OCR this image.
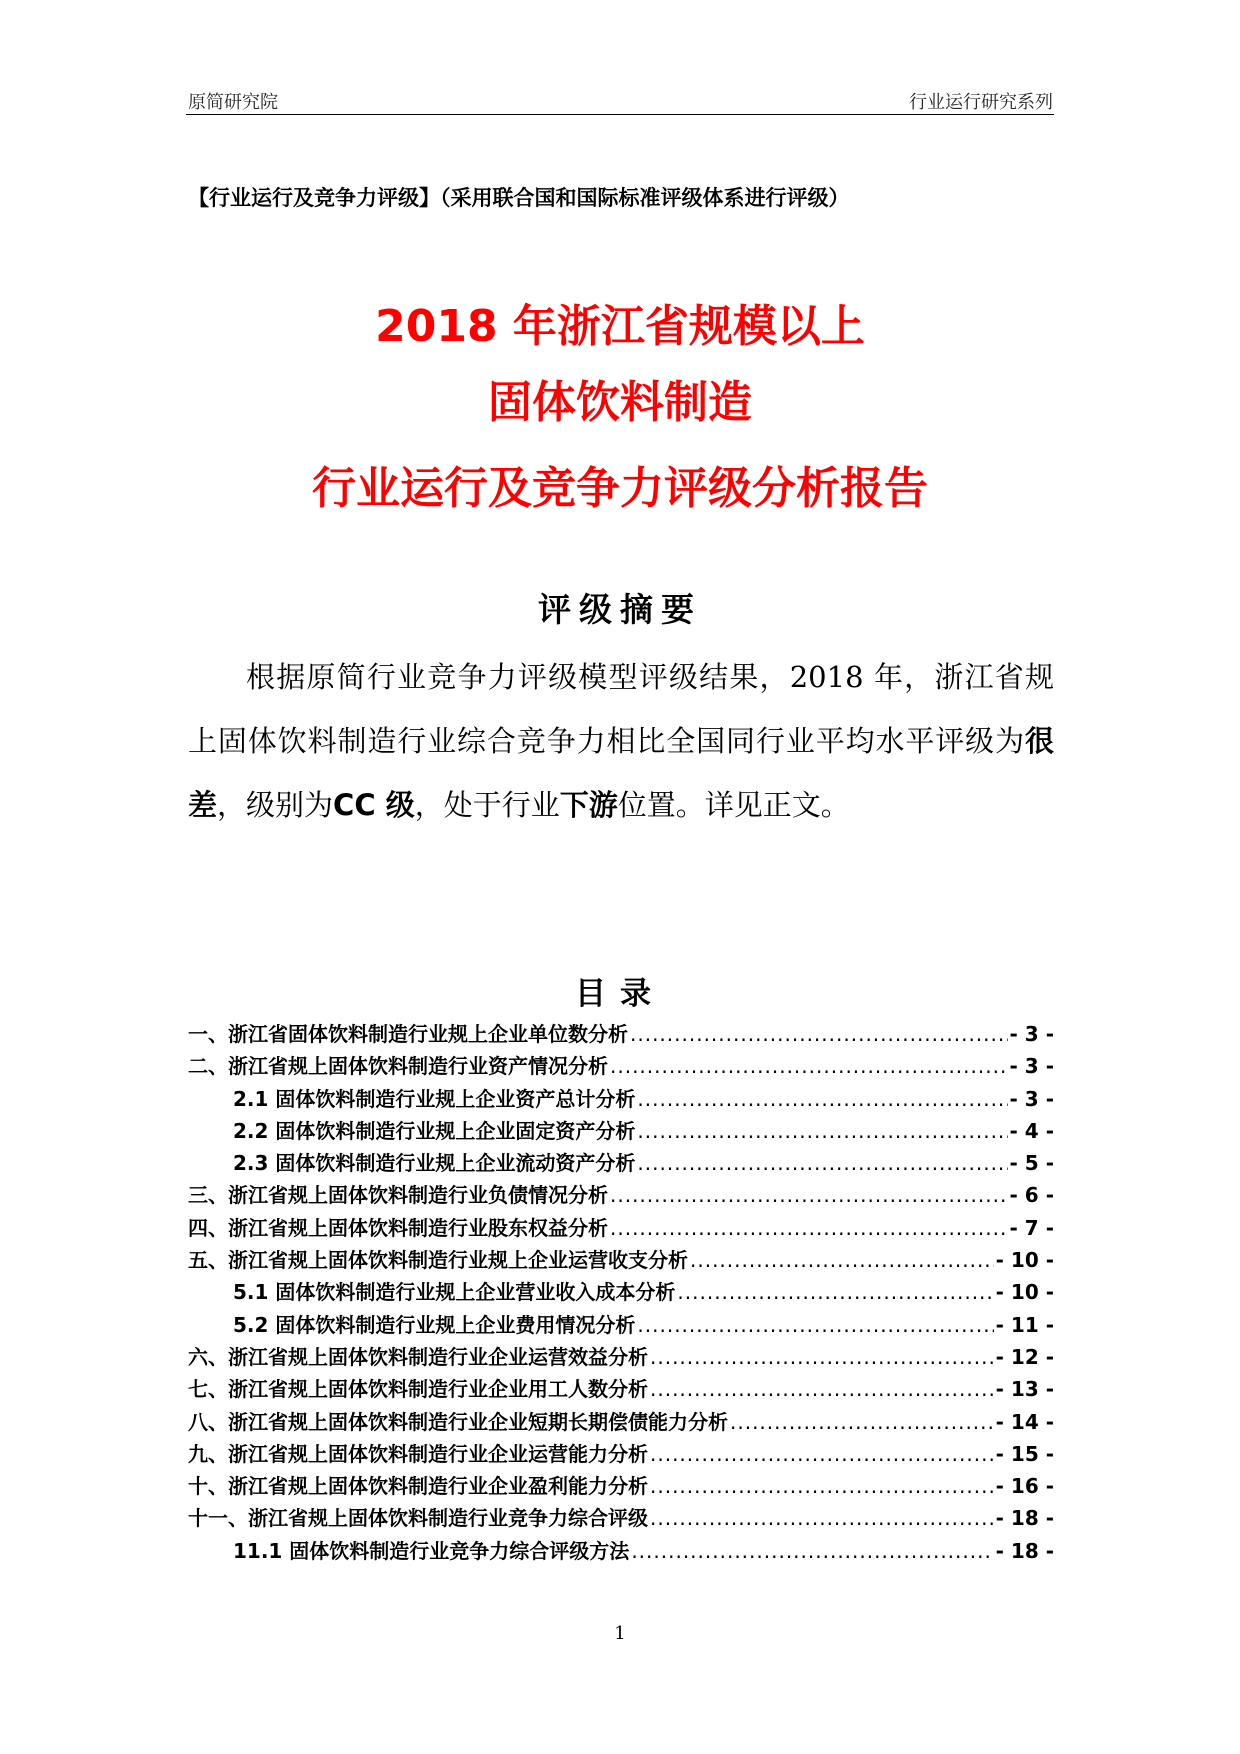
原简研究院	行业运行研究系列
【行业运行及竞争力评级】（采用联合国和国际标准评级体系进行评级）
2018 年浙江省规模以上
固体饮料制造
行业运行及竞争力评级分析报告
评级摘要

根据原简行业竞争力评级模型评级结果，2018 年，浙江省规上固体饮料制造行业综合竞争力相比全国同行业平均水平评级为很差，级别为CC 级，处于行业下游位置。详见正文。

目录
一、浙江省固体饮料制造行业规上企业单位数分析 .....	- 3 -
二、浙江省规上固体饮料制造行业资产情况分析 .....	- 3 -
2.1 固体饮料制造行业规上企业资产总计分析 .....	- 3 -
2.2 固体饮料制造行业规上企业固定资产分析 .....	- 4 -
2.3 固体饮料制造行业规上企业流动资产分析 .....	- 5 -
三、浙江省规上固体饮料制造行业负债情况分析 .....	- 6 -
四、浙江省规上固体饮料制造行业股东权益分析 .....	- 7 -
五、浙江省规上固体饮料制造行业规上企业运营收支分析 .....	- 10 -
5.1 固体饮料制造行业规上企业营业收入成本分析 .....	- 10 -
5.2 固体饮料制造行业规上企业费用情况分析 .....	- 11 -
六、浙江省规上固体饮料制造行业企业运营效益分析 .....	- 12 -
七、浙江省规上固体饮料制造行业企业用工人数分析 .....	- 13 -
八、浙江省规上固体饮料制造行业企业短期长期偿债能力分析 .....	- 14 -
九、浙江省规上固体饮料制造行业企业运营能力分析 .....	- 15 -
十、浙江省规上固体饮料制造行业企业盈利能力分析 .....	- 16 -
十一、浙江省规上固体饮料制造行业竞争力综合评级 .....	- 18 -
11.1 固体饮料制造行业竞争力综合评级方法 .....	- 18 -
1
